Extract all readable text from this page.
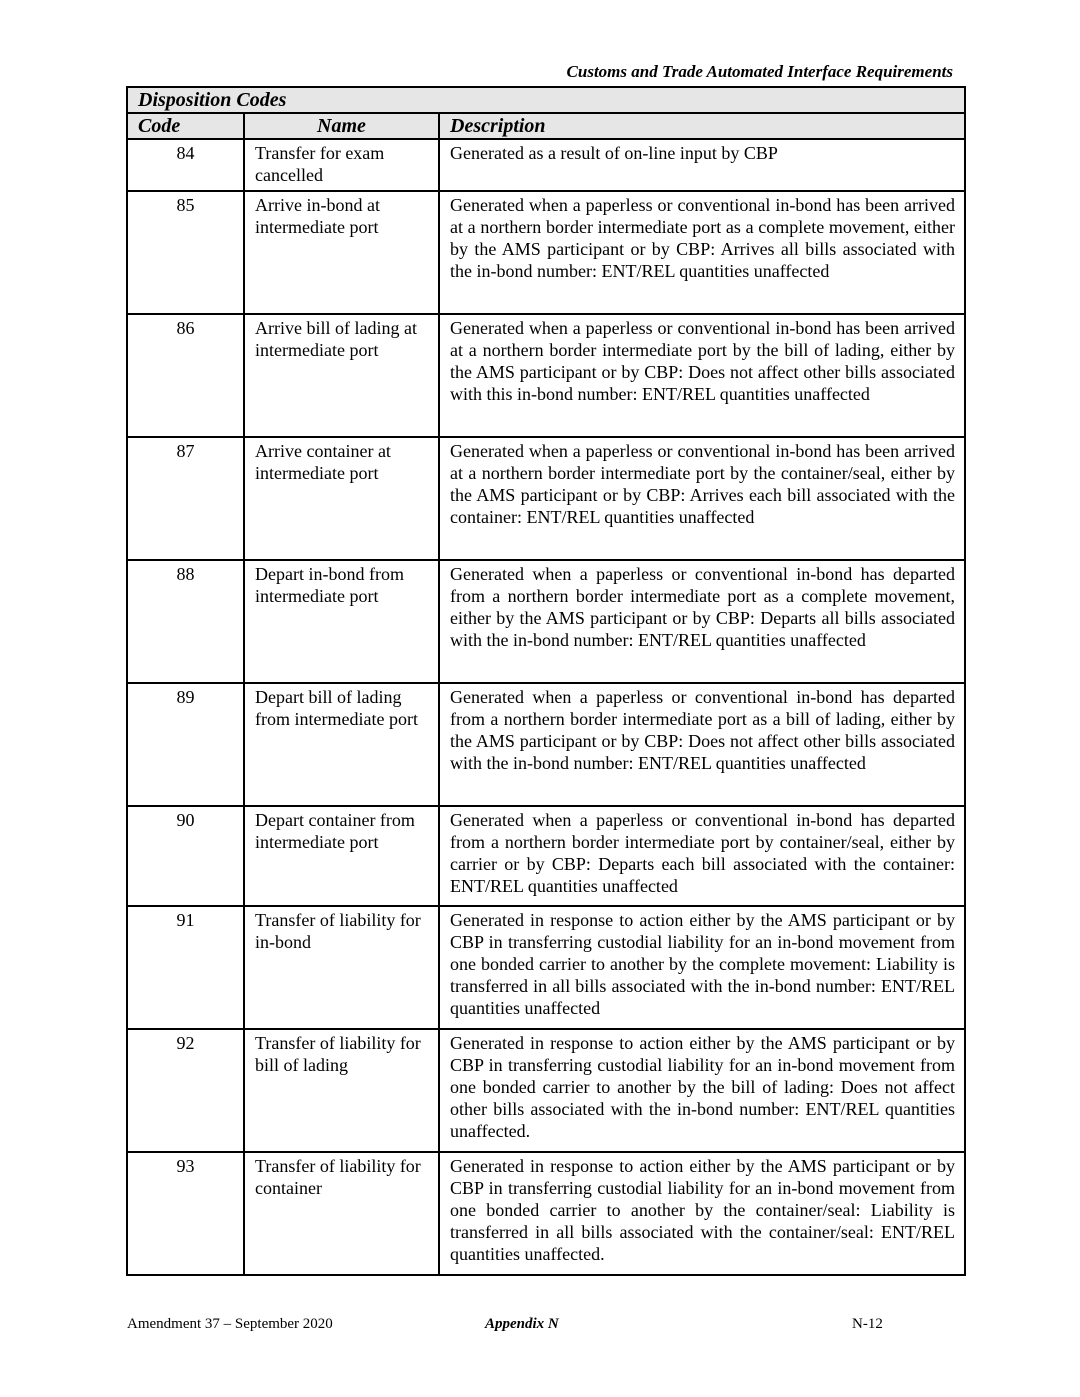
Customs and Trade Automated Interface Requirements
Disposition Codes		
Code	Name	Description
84	Transfer for exam cancelled	Generated as a result of on-line input by CBP
85	Arrive in-bond at intermediate port	Generated when a paperless or conventional in-bond has been arrived at a northern border intermediate port as a complete movement, either by the AMS participant or by CBP: Arrives all bills associated with the in-bond number: ENT/REL quantities unaffected
86	Arrive bill of lading at intermediate port	Generated when a paperless or conventional in-bond has been arrived at a northern border intermediate port by the bill of lading, either by the AMS participant or by CBP: Does not affect other bills associated with this in-bond number: ENT/REL quantities unaffected
87	Arrive container at intermediate port	Generated when a paperless or conventional in-bond has been arrived at a northern border intermediate port by the container/seal, either by the AMS participant or by CBP: Arrives each bill associated with the container: ENT/REL quantities unaffected
88	Depart in-bond from intermediate port	Generated when a paperless or conventional in-bond has departed from a northern border intermediate port as a complete movement, either by the AMS participant or by CBP: Departs all bills associated with the in-bond number: ENT/REL quantities unaffected
89	Depart bill of lading from intermediate port	Generated when a paperless or conventional in-bond has departed from a northern border intermediate port as a bill of lading, either by the AMS participant or by CBP: Does not affect other bills associated with the in-bond number: ENT/REL quantities unaffected
90	Depart container from intermediate port	Generated when a paperless or conventional in-bond has departed from a northern border intermediate port by container/seal, either by carrier or by CBP: Departs each bill associated with the container: ENT/REL quantities unaffected
91	Transfer of liability for in-bond	Generated in response to action either by the AMS participant or by CBP in transferring custodial liability for an in-bond movement from one bonded carrier to another by the complete movement: Liability is transferred in all bills associated with the in-bond number: ENT/REL quantities unaffected
92	Transfer of liability for bill of lading	Generated in response to action either by the AMS participant or by CBP in transferring custodial liability for an in-bond movement from one bonded carrier to another by the bill of lading: Does not affect other bills associated with the in-bond number: ENT/REL quantities unaffected.
93	Transfer of liability for container	Generated in response to action either by the AMS participant or by CBP in transferring custodial liability for an in-bond movement from one bonded carrier to another by the container/seal: Liability is transferred in all bills associated with the container/seal: ENT/REL quantities unaffected.
Amendment 37 – September 2020	Appendix N	N-12
